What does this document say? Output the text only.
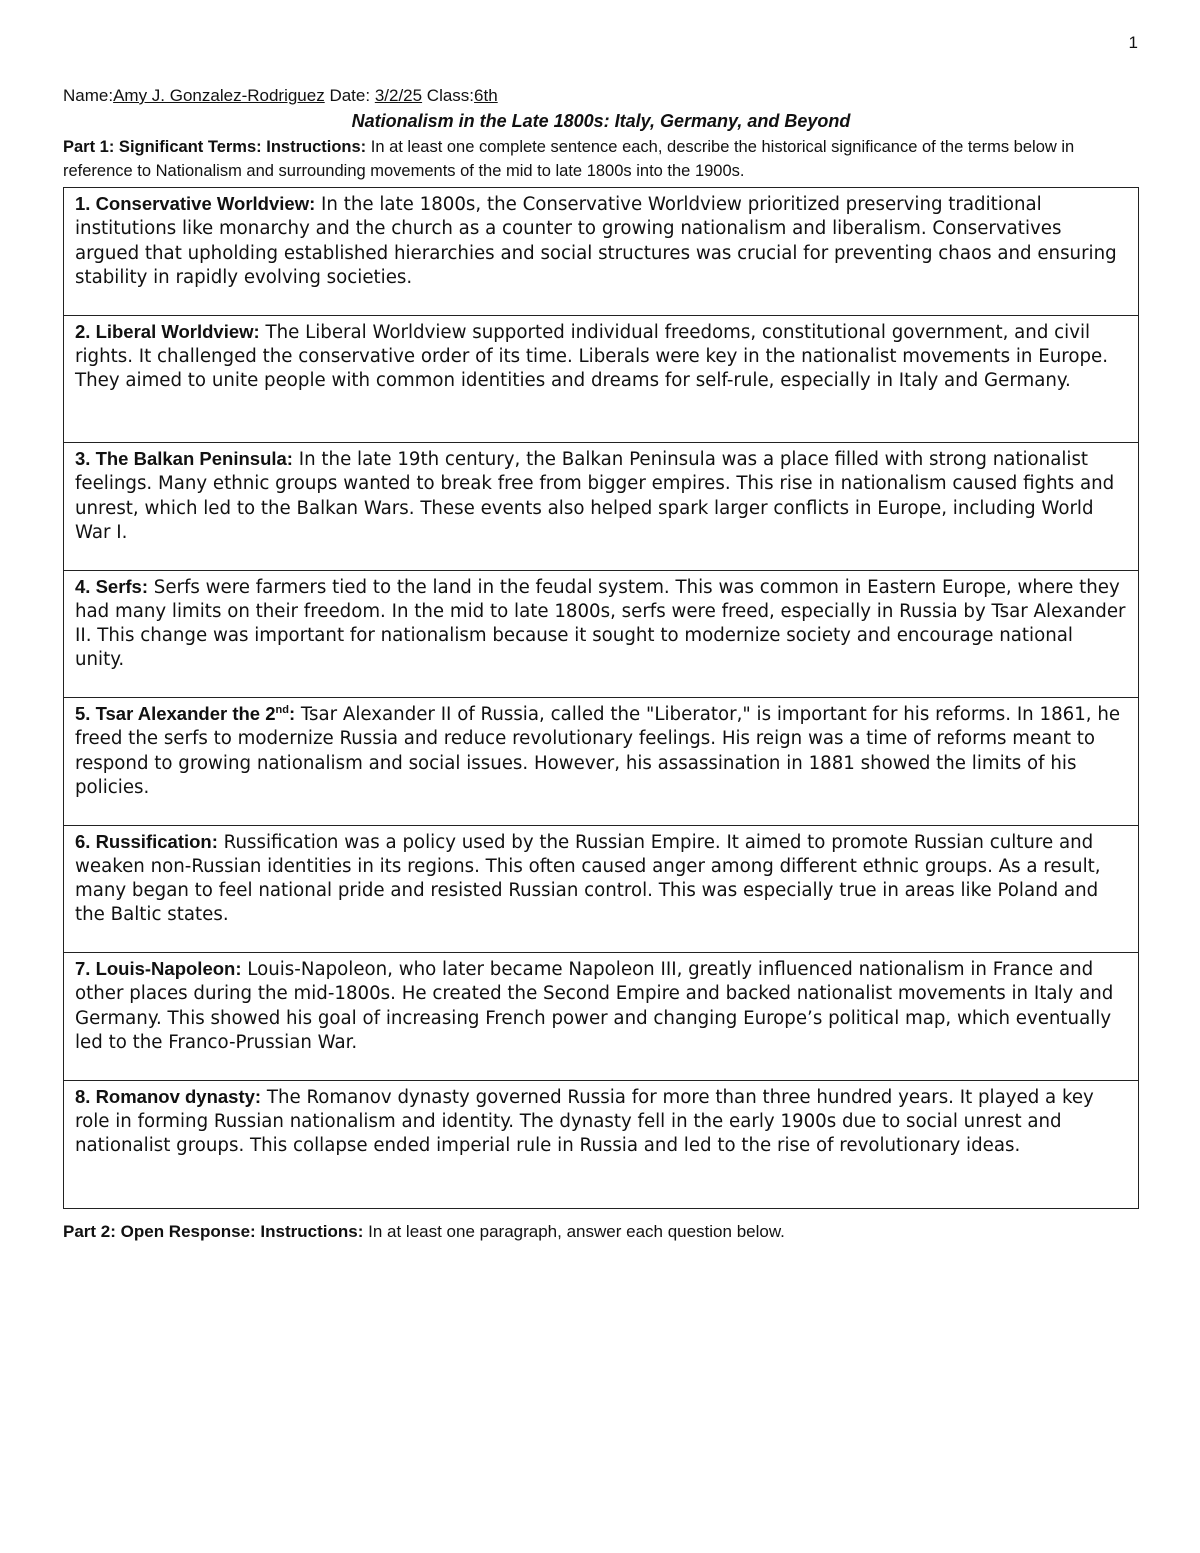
1
Name:Amy J. Gonzalez-Rodriguez Date: 3/2/25 Class:6th
Nationalism in the Late 1800s: Italy, Germany, and Beyond
Part 1: Significant Terms: Instructions: In at least one complete sentence each, describe the historical significance of the terms below in reference to Nationalism and surrounding movements of the mid to late 1800s into the 1900s.
1. Conservative Worldview: In the late 1800s, the Conservative Worldview prioritized preserving traditional institutions like monarchy and the church as a counter to growing nationalism and liberalism. Conservatives argued that upholding established hierarchies and social structures was crucial for preventing chaos and ensuring stability in rapidly evolving societies.
2. Liberal Worldview: The Liberal Worldview supported individual freedoms, constitutional government, and civil rights. It challenged the conservative order of its time. Liberals were key in the nationalist movements in Europe. They aimed to unite people with common identities and dreams for self-rule, especially in Italy and Germany.
3. The Balkan Peninsula: In the late 19th century, the Balkan Peninsula was a place filled with strong nationalist feelings. Many ethnic groups wanted to break free from bigger empires. This rise in nationalism caused fights and unrest, which led to the Balkan Wars. These events also helped spark larger conflicts in Europe, including World War I.
4. Serfs: Serfs were farmers tied to the land in the feudal system. This was common in Eastern Europe, where they had many limits on their freedom. In the mid to late 1800s, serfs were freed, especially in Russia by Tsar Alexander II. This change was important for nationalism because it sought to modernize society and encourage national unity.
5. Tsar Alexander the 2nd: Tsar Alexander II of Russia, called the "Liberator," is important for his reforms. In 1861, he freed the serfs to modernize Russia and reduce revolutionary feelings. His reign was a time of reforms meant to respond to growing nationalism and social issues. However, his assassination in 1881 showed the limits of his policies.
6. Russification: Russification was a policy used by the Russian Empire. It aimed to promote Russian culture and weaken non-Russian identities in its regions. This often caused anger among different ethnic groups. As a result, many began to feel national pride and resisted Russian control. This was especially true in areas like Poland and the Baltic states.
7. Louis-Napoleon: Louis-Napoleon, who later became Napoleon III, greatly influenced nationalism in France and other places during the mid-1800s. He created the Second Empire and backed nationalist movements in Italy and Germany. This showed his goal of increasing French power and changing Europe’s political map, which eventually led to the Franco-Prussian War.
8. Romanov dynasty: The Romanov dynasty governed Russia for more than three hundred years. It played a key role in forming Russian nationalism and identity. The dynasty fell in the early 1900s due to social unrest and nationalist groups. This collapse ended imperial rule in Russia and led to the rise of revolutionary ideas.
Part 2: Open Response: Instructions: In at least one paragraph, answer each question below.
